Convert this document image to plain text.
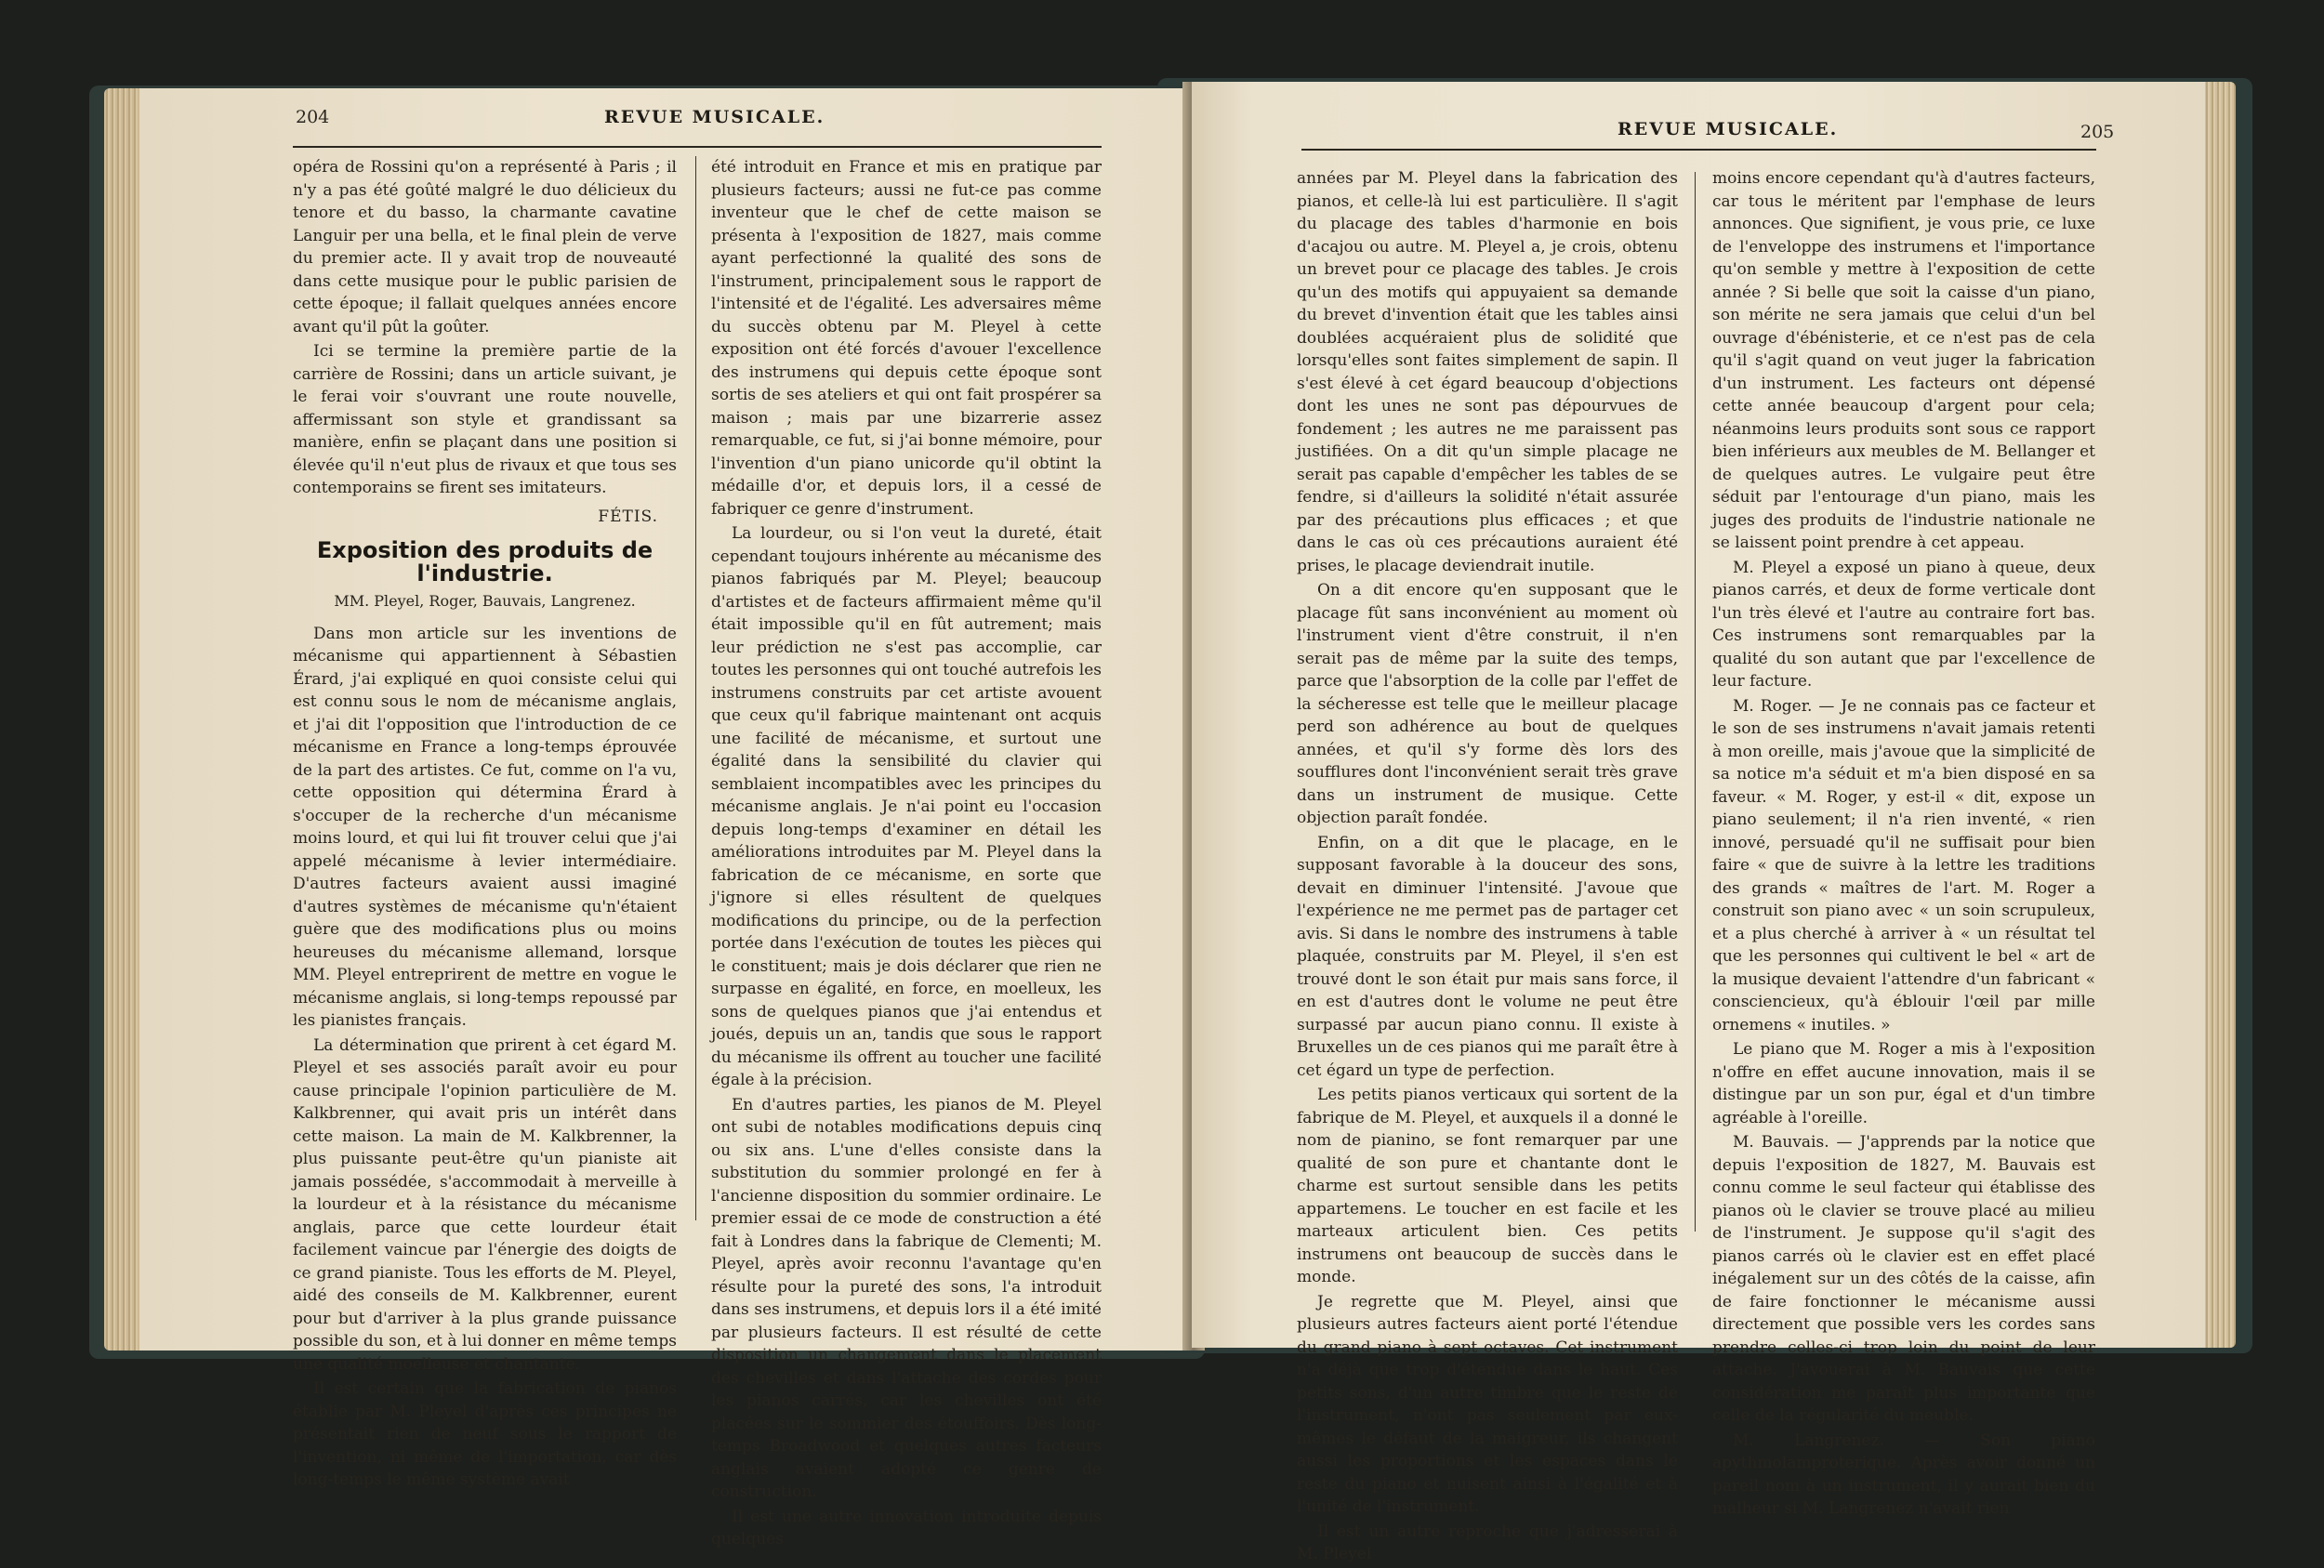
204	REVUE MUSICALE.

opéra de Rossini qu'on a représenté à Paris ; il n'y a pas été goûté malgré le duo délicieux du tenore et du basso, la charmante cavatine Languir per una bella, et le final plein de verve du premier acte. Il y avait trop de nouveauté dans cette musique pour le public parisien de cette époque; il fallait quelques années encore avant qu'il pût la goûter.

Ici se termine la première partie de la carrière de Rossini; dans un article suivant, je le ferai voir s'ouvrant une route nouvelle, affermissant son style et grandissant sa manière, enfin se plaçant dans une position si élevée qu'il n'eut plus de rivaux et que tous ses contemporains se firent ses imitateurs.

FÉTIS.

Exposition des produits de l'industrie.

MM. Pleyel, Roger, Bauvais, Langrenez.

Dans mon article sur les inventions de mécanisme qui appartiennent à Sébastien Érard, j'ai expliqué en quoi consiste celui qui est connu sous le nom de mécanisme anglais, et j'ai dit l'opposition que l'introduction de ce mécanisme en France a long-temps éprouvée de la part des artistes. Ce fut, comme on l'a vu, cette opposition qui détermina Érard à s'occuper de la recherche d'un mécanisme moins lourd, et qui lui fit trouver celui que j'ai appelé mécanisme à levier intermédiaire. D'autres facteurs avaient aussi imaginé d'autres systèmes de mécanisme qu'n'étaient guère que des modifications plus ou moins heureuses du mécanisme allemand, lorsque MM. Pleyel entreprirent de mettre en vogue le mécanisme anglais, si long-temps repoussé par les pianistes français.

La détermination que prirent à cet égard M. Pleyel et ses associés paraît avoir eu pour cause principale l'opinion particulière de M. Kalkbrenner, qui avait pris un intérêt dans cette maison. La main de M. Kalkbrenner, la plus puissante peut-être qu'un pianiste ait jamais possédée, s'accommodait à merveille à la lourdeur et à la résistance du mécanisme anglais, parce que cette lourdeur était facilement vaincue par l'énergie des doigts de ce grand pianiste. Tous les efforts de M. Pleyel, aidé des conseils de M. Kalkbrenner, eurent pour but d'arriver à la plus grande puissance possible du son, et à lui donner en même temps une qualité moelleuse et chantante.

Il est certain que la fabrication de pianos établie par M. Pleyel d'après ces principes ne présentait rien de neuf sous le rapport de l'invention, ni même de l'importation, car dès long-temps le même système avait

été introduit en France et mis en pratique par plusieurs facteurs; aussi ne fut-ce pas comme inventeur que le chef de cette maison se présenta à l'exposition de 1827, mais comme ayant perfectionné la qualité des sons de l'instrument, principalement sous le rapport de l'intensité et de l'égalité. Les adversaires même du succès obtenu par M. Pleyel à cette exposition ont été forcés d'avouer l'excellence des instrumens qui depuis cette époque sont sortis de ses ateliers et qui ont fait prospérer sa maison ; mais par une bizarrerie assez remarquable, ce fut, si j'ai bonne mémoire, pour l'invention d'un piano unicorde qu'il obtint la médaille d'or, et depuis lors, il a cessé de fabriquer ce genre d'instrument.

La lourdeur, ou si l'on veut la dureté, était cependant toujours inhérente au mécanisme des pianos fabriqués par M. Pleyel; beaucoup d'artistes et de facteurs affirmaient même qu'il était impossible qu'il en fût autrement; mais leur prédiction ne s'est pas accomplie, car toutes les personnes qui ont touché autrefois les instrumens construits par cet artiste avouent que ceux qu'il fabrique maintenant ont acquis une facilité de mécanisme, et surtout une égalité dans la sensibilité du clavier qui semblaient incompatibles avec les principes du mécanisme anglais. Je n'ai point eu l'occasion depuis long-temps d'examiner en détail les améliorations introduites par M. Pleyel dans la fabrication de ce mécanisme, en sorte que j'ignore si elles résultent de quelques modifications du principe, ou de la perfection portée dans l'exécution de toutes les pièces qui le constituent; mais je dois déclarer que rien ne surpasse en égalité, en force, en moelleux, les sons de quelques pianos que j'ai entendus et joués, depuis un an, tandis que sous le rapport du mécanisme ils offrent au toucher une facilité égale à la précision.

En d'autres parties, les pianos de M. Pleyel ont subi de notables modifications depuis cinq ou six ans. L'une d'elles consiste dans la substitution du sommier prolongé en fer à l'ancienne disposition du sommier ordinaire. Le premier essai de ce mode de construction a été fait à Londres dans la fabrique de Clementi; M. Pleyel, après avoir reconnu l'avantage qu'en résulte pour la pureté des sons, l'a introduit dans ses instrumens, et depuis lors il a été imité par plusieurs facteurs. Il est résulté de cette disposition un changement dans le placement des chevilles et dans l'attache des cordes pour les pianos carrés, car les chevilles ont été placées sur le sommier des étouffoirs. Dès long-temps Broadwood et quelques autres facteurs anglais avaient adopté ce genre de construction.

Il est une autre innovation introduite depuis quelques

REVUE MUSICALE.	205

années par M. Pleyel dans la fabrication des pianos, et celle-là lui est particulière. Il s'agit du placage des tables d'harmonie en bois d'acajou ou autre. M. Pleyel a, je crois, obtenu un brevet pour ce placage des tables. Je crois qu'un des motifs qui appuyaient sa demande du brevet d'invention était que les tables ainsi doublées acquéraient plus de solidité que lorsqu'elles sont faites simplement de sapin. Il s'est élevé à cet égard beaucoup d'objections dont les unes ne sont pas dépourvues de fondement ; les autres ne me paraissent pas justifiées. On a dit qu'un simple placage ne serait pas capable d'empêcher les tables de se fendre, si d'ailleurs la solidité n'était assurée par des précautions plus efficaces ; et que dans le cas où ces précautions auraient été prises, le placage deviendrait inutile.

On a dit encore qu'en supposant que le placage fût sans inconvénient au moment où l'instrument vient d'être construit, il n'en serait pas de même par la suite des temps, parce que l'absorption de la colle par l'effet de la sécheresse est telle que le meilleur placage perd son adhérence au bout de quelques années, et qu'il s'y forme dès lors des soufflures dont l'inconvénient serait très grave dans un instrument de musique. Cette objection paraît fondée.

Enfin, on a dit que le placage, en le supposant favorable à la douceur des sons, devait en diminuer l'intensité. J'avoue que l'expérience ne me permet pas de partager cet avis. Si dans le nombre des instrumens à table plaquée, construits par M. Pleyel, il s'en est trouvé dont le son était pur mais sans force, il en est d'autres dont le volume ne peut être surpassé par aucun piano connu. Il existe à Bruxelles un de ces pianos qui me paraît être à cet égard un type de perfection.

Les petits pianos verticaux qui sortent de la fabrique de M. Pleyel, et auxquels il a donné le nom de pianino, se font remarquer par une qualité de son pure et chantante dont le charme est surtout sensible dans les petits appartemens. Le toucher en est facile et les marteaux articulent bien. Ces petits instrumens ont beaucoup de succès dans le monde.

Je regrette que M. Pleyel, ainsi que plusieurs autres facteurs aient porté l'étendue du grand piano à sept octaves. Cet instrument n'a déjà que trop d'étendue dans le haut. Ces petits sons, d'un autre timbre que le reste de l'instrument, n'ont pas seulement par eux-mêmes le défaut de la maigreur, ils changent aussi les proportions et les espaces dans le reste du piano et nuisent ainsi à l'égalité et à l'unité de l'instrument.

Il est un autre reproche que j'adresserai à M. Pleyel

moins encore cependant qu'à d'autres facteurs, car tous le méritent par l'emphase de leurs annonces. Que signifient, je vous prie, ce luxe de l'enveloppe des instrumens et l'importance qu'on semble y mettre à l'exposition de cette année ? Si belle que soit la caisse d'un piano, son mérite ne sera jamais que celui d'un bel ouvrage d'ébénisterie, et ce n'est pas de cela qu'il s'agit quand on veut juger la fabrication d'un instrument. Les facteurs ont dépensé cette année beaucoup d'argent pour cela; néanmoins leurs produits sont sous ce rapport bien inférieurs aux meubles de M. Bellanger et de quelques autres. Le vulgaire peut être séduit par l'entourage d'un piano, mais les juges des produits de l'industrie nationale ne se laissent point prendre à cet appeau.

M. Pleyel a exposé un piano à queue, deux pianos carrés, et deux de forme verticale dont l'un très élevé et l'autre au contraire fort bas. Ces instrumens sont remarquables par la qualité du son autant que par l'excellence de leur facture.

M. Roger. — Je ne connais pas ce facteur et le son de ses instrumens n'avait jamais retenti à mon oreille, mais j'avoue que la simplicité de sa notice m'a séduit et m'a bien disposé en sa faveur. « M. Roger, y est-il « dit, expose un piano seulement; il n'a rien inventé, « rien innové, persuadé qu'il ne suffisait pour bien faire « que de suivre à la lettre les traditions des grands « maîtres de l'art. M. Roger a construit son piano avec « un soin scrupuleux, et a plus cherché à arriver à « un résultat tel que les personnes qui cultivent le bel « art de la musique devaient l'attendre d'un fabricant « consciencieux, qu'à éblouir l'œil par mille ornemens « inutiles. »

Le piano que M. Roger a mis à l'exposition n'offre en effet aucune innovation, mais il se distingue par un son pur, égal et d'un timbre agréable à l'oreille.

M. Bauvais. — J'apprends par la notice que depuis l'exposition de 1827, M. Bauvais est connu comme le seul facteur qui établisse des pianos où le clavier se trouve placé au milieu de l'instrument. Je suppose qu'il s'agit des pianos carrés où le clavier est en effet placé inégalement sur un des côtés de la caisse, afin de faire fonctionner le mécanisme aussi directement que possible vers les cordes sans prendre celles-ci trop loin du point de leur attache. J'avouerai à M. Bauvais que cette considération me paraît plus importante que celle de la régularité du meuble.

M. Langrenez. — Son piano apythmolamproterique. Après avoir donné un pareil nom à un instrument, il y aurait bien du malheur si M. Langrenez n'avait rien
